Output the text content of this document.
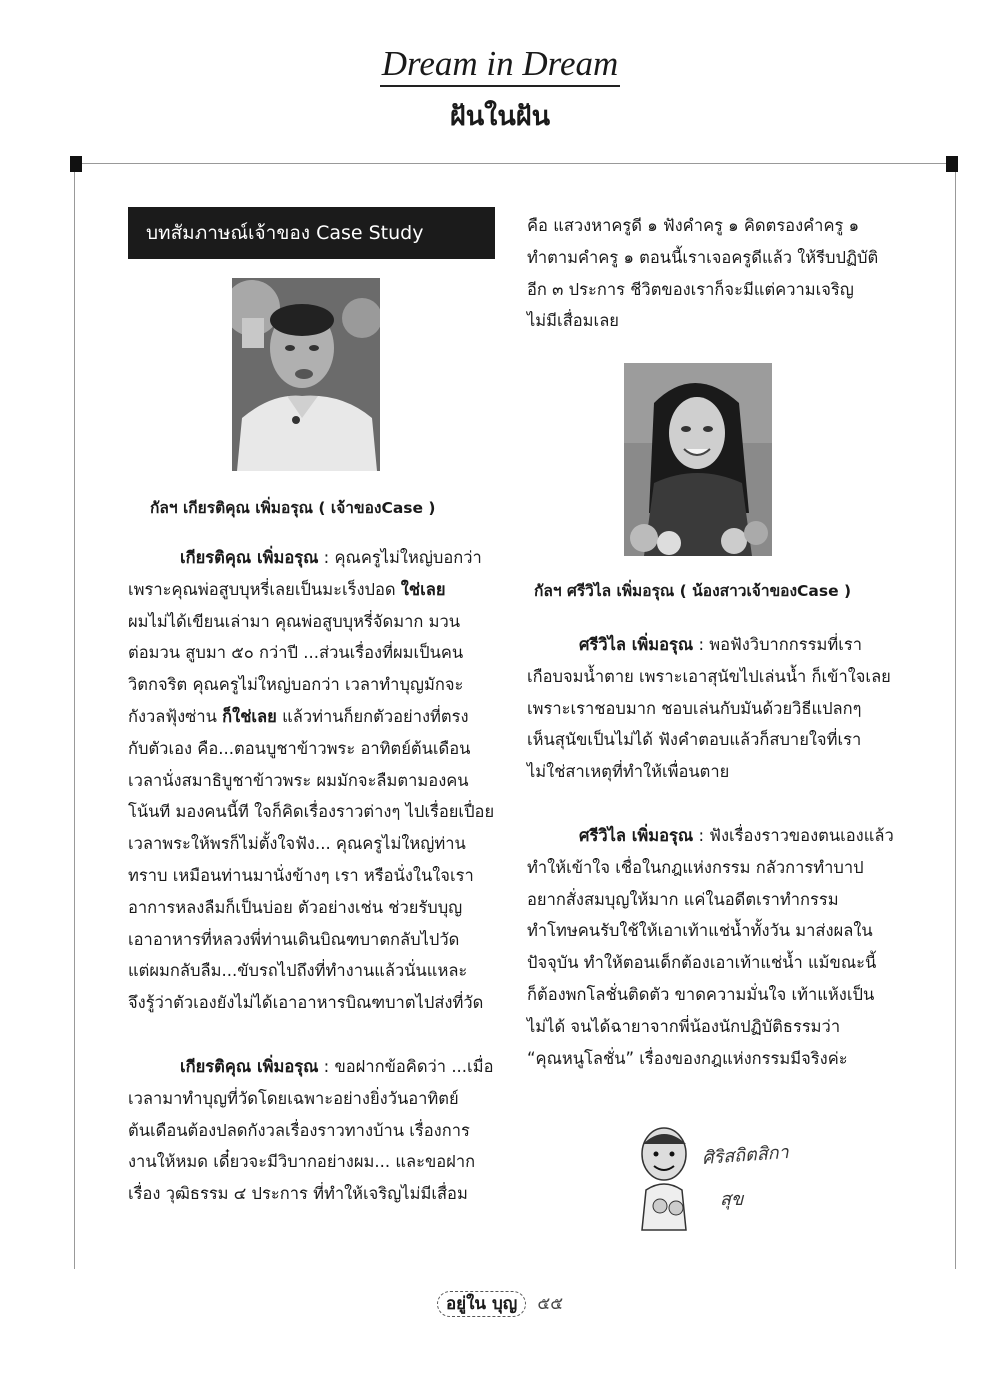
Dream in Dream
ฝันในฝัน
บทสัมภาษณ์เจ้าของ Case Study
กัลฯ เกียรติคุณ เพิ่มอรุณ ( เจ้าของCase )

เกียรติคุณ เพิ่มอรุณ : คุณครูไม่ใหญ่บอกว่า
เพราะคุณพ่อสูบบุหรี่เลยเป็นมะเร็งปอด ใช่เลย
ผมไม่ได้เขียนเล่ามา คุณพ่อสูบบุหรี่จัดมาก มวน
ต่อมวน สูบมา ๕๐ กว่าปี ...ส่วนเรื่องที่ผมเป็นคน
วิตกจริต คุณครูไม่ใหญ่บอกว่า เวลาทำบุญมักจะ
กังวลฟุ้งซ่าน ก็ใช่เลย แล้วท่านก็ยกตัวอย่างที่ตรง
กับตัวเอง คือ...ตอนบูชาข้าวพระ อาทิตย์ต้นเดือน
เวลานั่งสมาธิบูชาข้าวพระ ผมมักจะลืมตามองคน
โน้นที มองคนนี้ที ใจก็คิดเรื่องราวต่างๆ ไปเรื่อยเปื่อย
เวลาพระให้พรก็ไม่ตั้งใจฟัง... คุณครูไม่ใหญ่ท่าน
ทราบ เหมือนท่านมานั่งข้างๆ เรา หรือนั่งในใจเรา
อาการหลงลืมก็เป็นบ่อย ตัวอย่างเช่น ช่วยรับบุญ
เอาอาหารที่หลวงพี่ท่านเดินบิณฑบาตกลับไปวัด
แต่ผมกลับลืม...ขับรถไปถึงที่ทำงานแล้วนั่นแหละ
จึงรู้ว่าตัวเองยังไม่ได้เอาอาหารบิณฑบาตไปส่งที่วัด

เกียรติคุณ เพิ่มอรุณ : ขอฝากข้อคิดว่า ...เมื่อ
เวลามาทำบุญที่วัดโดยเฉพาะอย่างยิ่งวันอาทิตย์
ต้นเดือนต้องปลดกังวลเรื่องราวทางบ้าน เรื่องการ
งานให้หมด เดี๋ยวจะมีวิบากอย่างผม... และขอฝาก
เรื่อง วุฒิธรรม ๔ ประการ ที่ทำให้เจริญไม่มีเสื่อม

คือ แสวงหาครูดี ๑ ฟังคำครู ๑ คิดตรองคำครู ๑
ทำตามคำครู ๑ ตอนนี้เราเจอครูดีแล้ว ให้รีบปฏิบัติ
อีก ๓ ประการ ชีวิตของเราก็จะมีแต่ความเจริญ
ไม่มีเสื่อมเลย
กัลฯ ศรีวิไล เพิ่มอรุณ ( น้องสาวเจ้าของCase )

ศรีวิไล เพิ่มอรุณ : พอฟังวิบากกรรมที่เรา
เกือบจมน้ำตาย เพราะเอาสุนัขไปเล่นน้ำ ก็เข้าใจเลย
เพราะเราชอบมาก ชอบเล่นกับมันด้วยวิธีแปลกๆ
เห็นสุนัขเป็นไม่ได้ ฟังคำตอบแล้วก็สบายใจที่เรา
ไม่ใช่สาเหตุที่ทำให้เพื่อนตาย

ศรีวิไล เพิ่มอรุณ : ฟังเรื่องราวของตนเองแล้ว
ทำให้เข้าใจ เชื่อในกฎแห่งกรรม กลัวการทำบาป
อยากสั่งสมบุญให้มาก แค่ในอดีตเราทำกรรม
ทำโทษคนรับใช้ให้เอาเท้าแช่น้ำทั้งวัน มาส่งผลใน
ปัจจุบัน ทำให้ตอนเด็กต้องเอาเท้าแช่น้ำ แม้ขณะนี้
ก็ต้องพกโลชั่นติดตัว ขาดความมั่นใจ เท้าแห้งเป็น
ไม่ได้ จนได้ฉายาจากพี่น้องนักปฏิบัติธรรมว่า
“คุณหนูโลชั่น” เรื่องของกฎแห่งกรรมมีจริงค่ะ

ศิริสถิตสิกา
สุข
อยู่ใน บุญ ๕๕
